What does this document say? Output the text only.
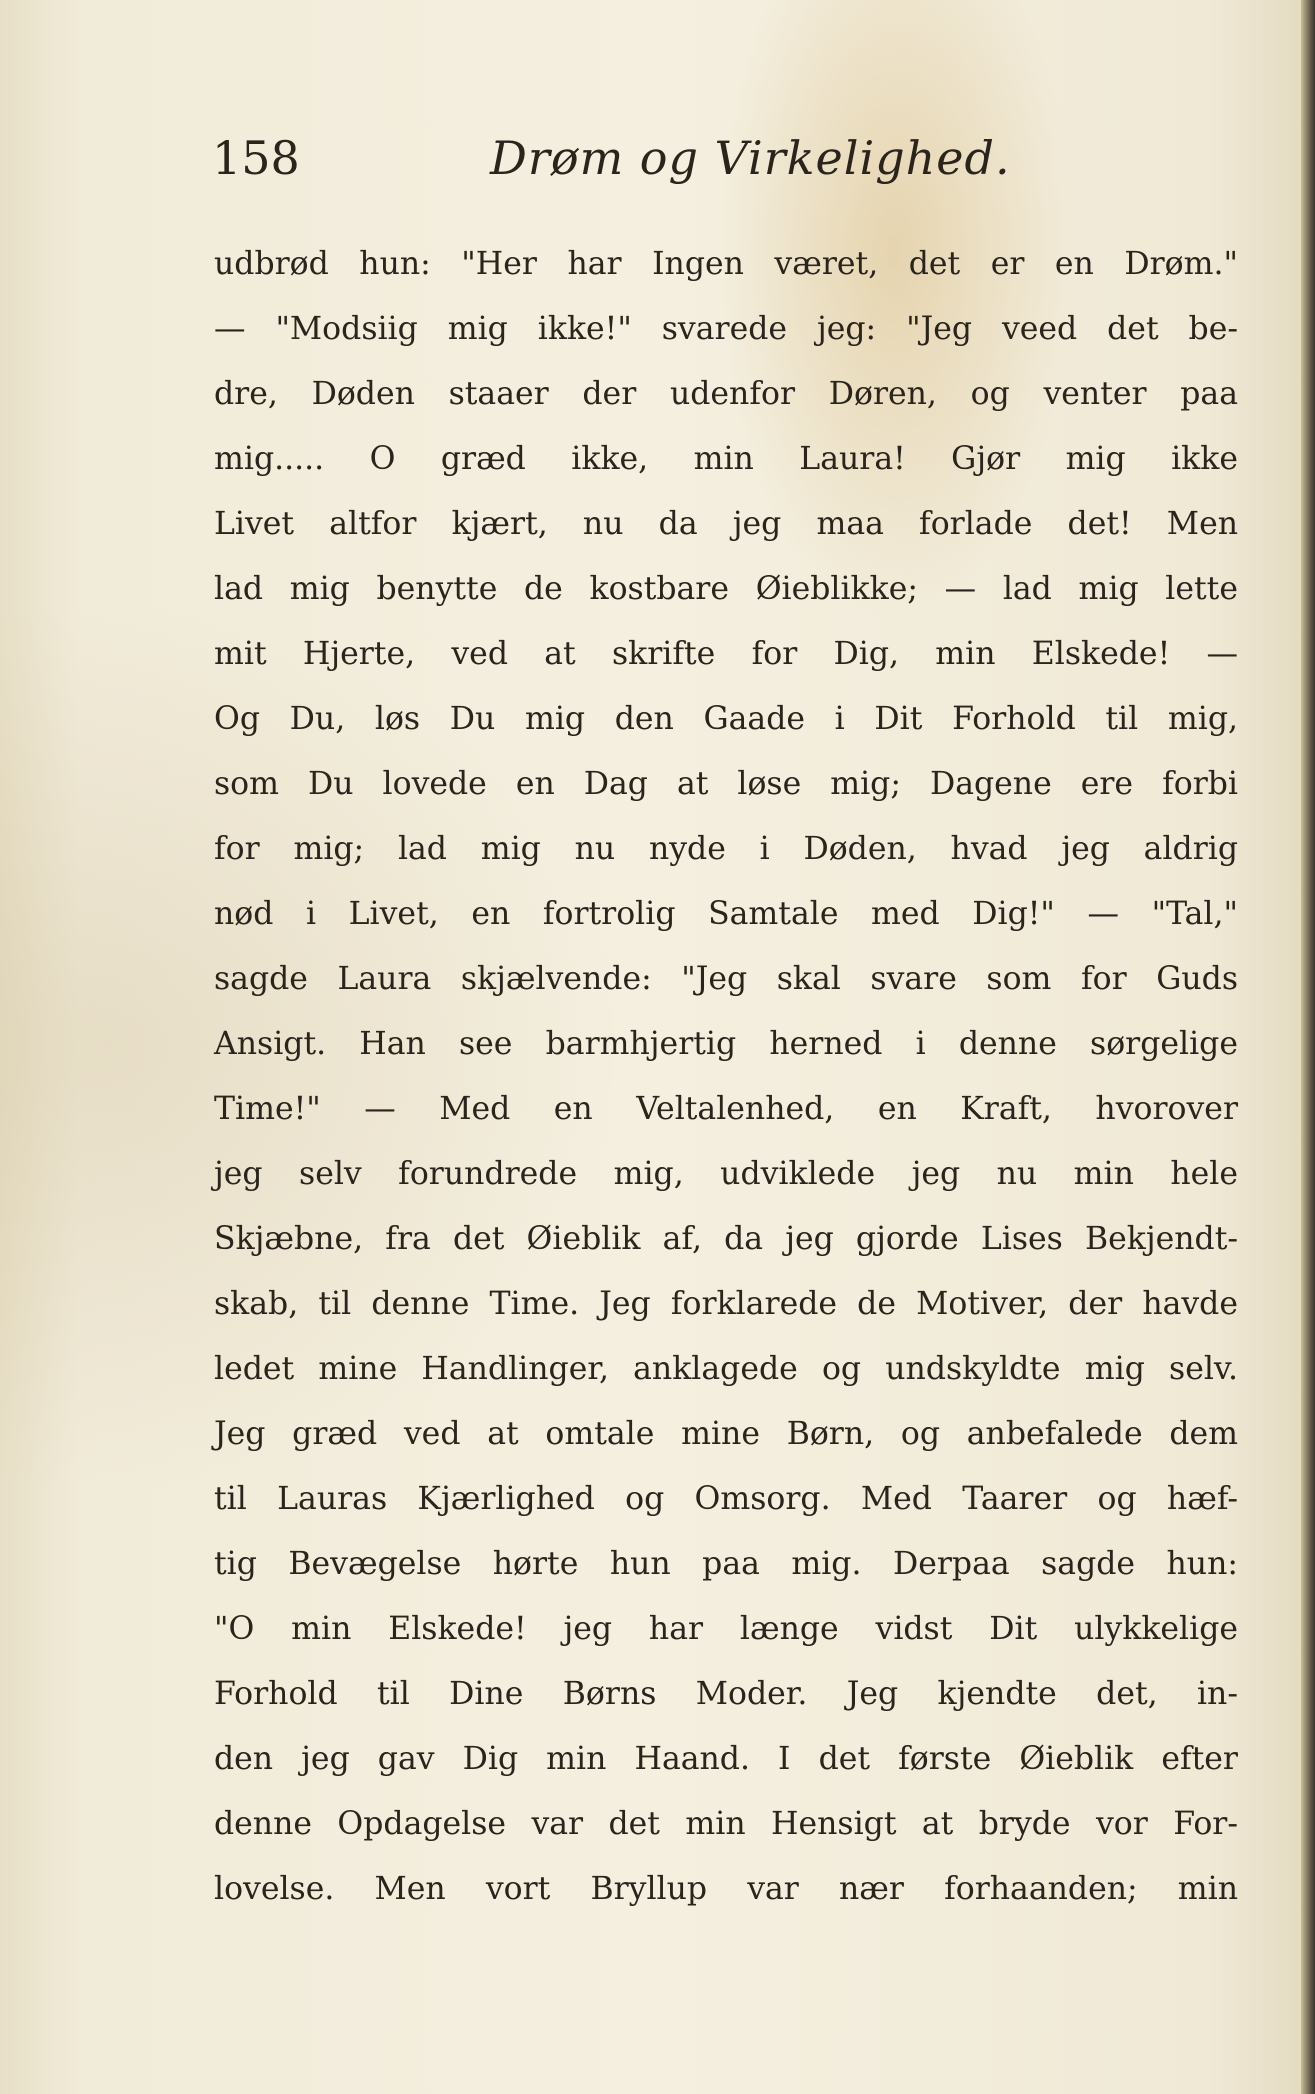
158	Drøm og Virkelighed.
udbrød hun: "Her har Ingen været, det er en Drøm."
— "Modsiig mig ikke!" svarede jeg: "Jeg veed det be-
dre, Døden staaer der udenfor Døren, og venter paa
mig..... O græd ikke, min Laura! Gjør mig ikke
Livet altfor kjært, nu da jeg maa forlade det! Men
lad mig benytte de kostbare Øieblikke; — lad mig lette
mit Hjerte, ved at skrifte for Dig, min Elskede! —
Og Du, løs Du mig den Gaade i Dit Forhold til mig,
som Du lovede en Dag at løse mig; Dagene ere forbi
for mig; lad mig nu nyde i Døden, hvad jeg aldrig
nød i Livet, en fortrolig Samtale med Dig!" — "Tal,"
sagde Laura skjælvende: "Jeg skal svare som for Guds
Ansigt. Han see barmhjertig herned i denne sørgelige
Time!" — Med en Veltalenhed, en Kraft, hvorover
jeg selv forundrede mig, udviklede jeg nu min hele
Skjæbne, fra det Øieblik af, da jeg gjorde Lises Bekjendt-
skab, til denne Time. Jeg forklarede de Motiver, der havde
ledet mine Handlinger, anklagede og undskyldte mig selv.
Jeg græd ved at omtale mine Børn, og anbefalede dem
til Lauras Kjærlighed og Omsorg. Med Taarer og hæf-
tig Bevægelse hørte hun paa mig. Derpaa sagde hun:
"O min Elskede! jeg har længe vidst Dit ulykkelige
Forhold til Dine Børns Moder. Jeg kjendte det, in-
den jeg gav Dig min Haand. I det første Øieblik efter
denne Opdagelse var det min Hensigt at bryde vor For-
lovelse. Men vort Bryllup var nær forhaanden; min
